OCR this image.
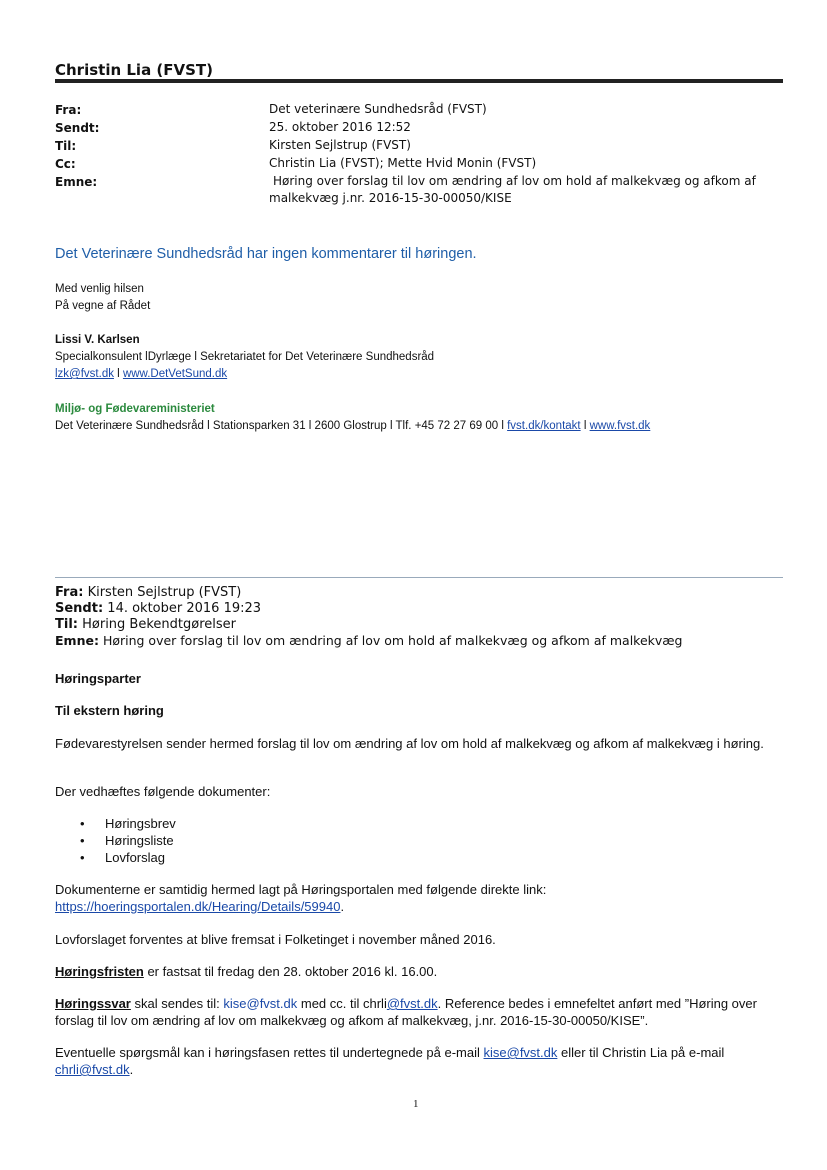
Christin Lia (FVST)
Fra:	Det veterinære Sundhedsråd (FVST)
Sendt:	25. oktober 2016 12:52
Til:	Kirsten Sejlstrup (FVST)
Cc:	Christin Lia (FVST); Mette Hvid Monin (FVST)
Emne:	Høring over forslag til lov om ændring af lov om hold af malkekvæg og afkom af malkekvæg j.nr. 2016-15-30-00050/KISE
Det Veterinære Sundhedsråd har ingen kommentarer til høringen.
Med venlig hilsen
På vegne af Rådet
Lissi V. Karlsen
Specialkonsulent lDyrlæge l Sekretariatet for Det Veterinære Sundhedsråd
lzk@fvst.dk l www.DetVetSund.dk
Miljø- og Fødevareministeriet
Det Veterinære Sundhedsråd l Stationsparken 31 l 2600 Glostrup l Tlf. +45 72 27 69 00 l fvst.dk/kontakt l www.fvst.dk
Fra: Kirsten Sejlstrup (FVST)
Sendt: 14. oktober 2016 19:23
Til: Høring Bekendtgørelser
Emne: Høring over forslag til lov om ændring af lov om hold af malkekvæg og afkom af malkekvæg
Høringsparter
Til ekstern høring
Fødevarestyrelsen sender hermed forslag til lov om ændring af lov om hold af malkekvæg og afkom af malkekvæg i høring.
Der vedhæftes følgende dokumenter:
• Høringsbrev
• Høringsliste
• Lovforslag
Dokumenterne er samtidig hermed lagt på Høringsportalen med følgende direkte link:
https://hoeringsportalen.dk/Hearing/Details/59940.
Lovforslaget forventes at blive fremsat i Folketinget i november måned 2016.
Høringsfristen er fastsat til fredag den 28. oktober 2016 kl. 16.00.
Høringssvar skal sendes til: kise@fvst.dk med cc. til chrli@fvst.dk. Reference bedes i emnefeltet anført med ”Høring over forslag til lov om ændring af lov om malkekvæg og afkom af malkekvæg, j.nr. 2016-15-30-00050/KISE”.
Eventuelle spørgsmål kan i høringsfasen rettes til undertegnede på e-mail kise@fvst.dk eller til Christin Lia på e-mail chrli@fvst.dk.
1
